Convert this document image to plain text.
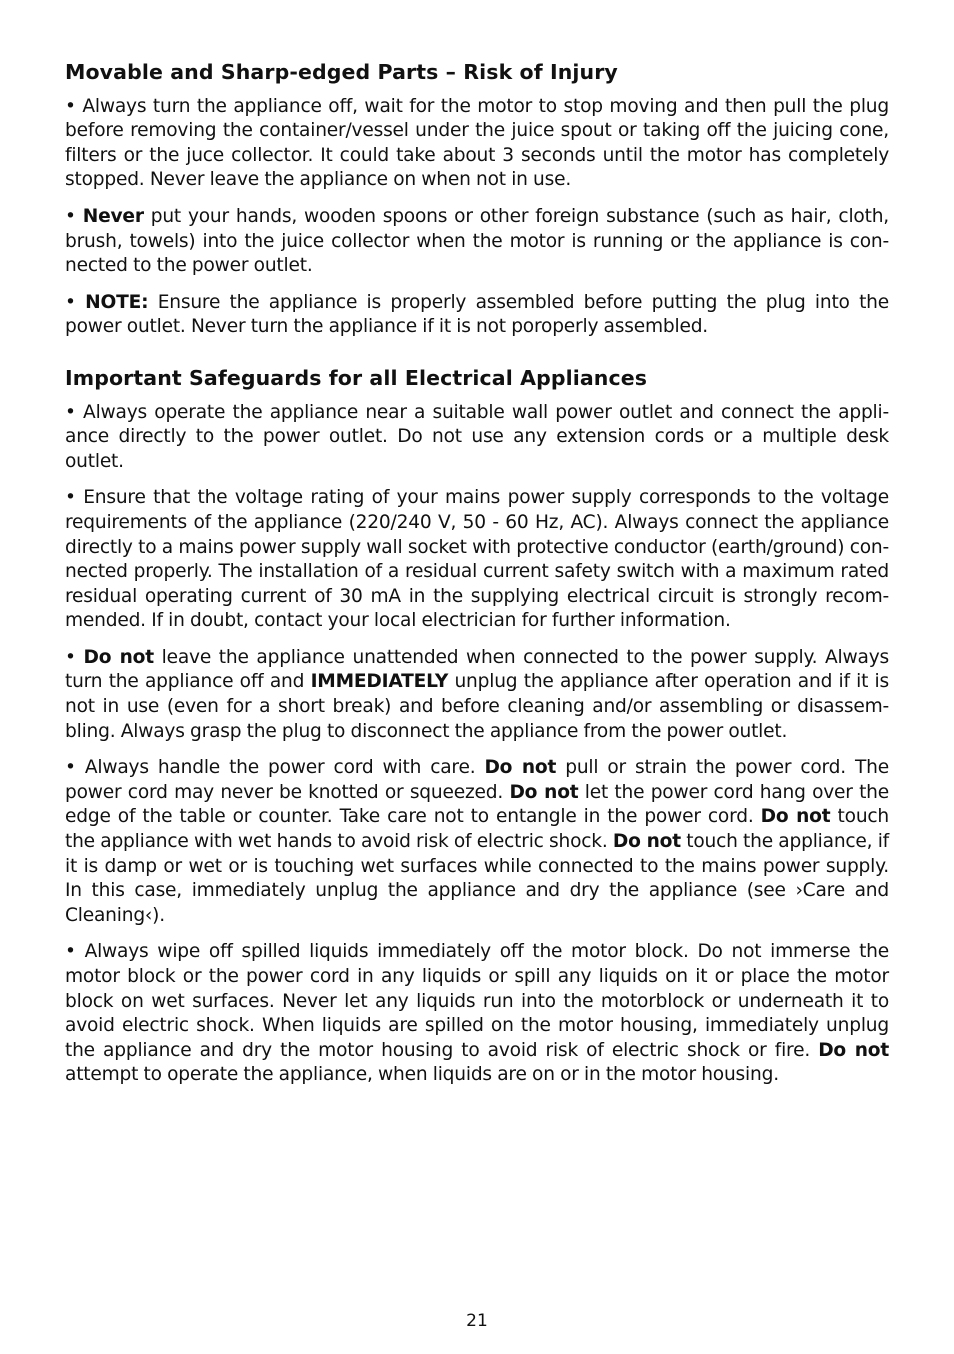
Movable and Sharp-edged Parts – Risk of Injury

• Always turn the appliance off, wait for the motor to stop moving and then pull the plug before removing the container/vessel under the juice spout or taking off the juicing cone, filters or the juce collector. It could take about 3 seconds until the motor has completely stopped. Never leave the appliance on when not in use.

• Never put your hands, wooden spoons or other foreign substance (such as hair, cloth, brush, towels) into the juice collector when the motor is running or the appliance is con-nected to the power outlet.

• NOTE: Ensure the appliance is properly assembled before putting the plug into the power outlet. Never turn the appliance if it is not poroperly assembled.

Important Safeguards for all Electrical Appliances

• Always operate the appliance near a suitable wall power outlet and connect the appli-ance directly to the power outlet. Do not use any extension cords or a multiple desk outlet.

• Ensure that the voltage rating of your mains power supply corresponds to the voltage requirements of the appliance (220/240 V, 50 - 60 Hz, AC). Always connect the appliance directly to a mains power supply wall socket with protective conductor (earth/ground) con-nected properly. The installation of a residual current safety switch with a maximum rated residual operating current of 30 mA in the supplying electrical circuit is strongly recom-mended. If in doubt, contact your local electrician for further information.

• Do not leave the appliance unattended when connected to the power supply. Always turn the appliance off and IMMEDIATELY unplug the appliance after operation and if it is not in use (even for a short break) and before cleaning and/or assembling or disassem-bling. Always grasp the plug to disconnect the appliance from the power outlet.

• Always handle the power cord with care. Do not pull or strain the power cord. The power cord may never be knotted or squeezed. Do not let the power cord hang over the edge of the table or counter. Take care not to entangle in the power cord. Do not touch the appliance with wet hands to avoid risk of electric shock. Do not touch the appliance, if it is damp or wet or is touching wet surfaces while connected to the mains power supply. In this case, immediately unplug the appliance and dry the appliance (see ›Care and Cleaning‹).

• Always wipe off spilled liquids immediately off the motor block. Do not immerse the motor block or the power cord in any liquids or spill any liquids on it or place the motor block on wet surfaces. Never let any liquids run into the motorblock or underneath it to avoid electric shock. When liquids are spilled on the motor housing, immediately unplug the appliance and dry the motor housing to avoid risk of electric shock or fire. Do not attempt to operate the appliance, when liquids are on or in the motor housing.

21
